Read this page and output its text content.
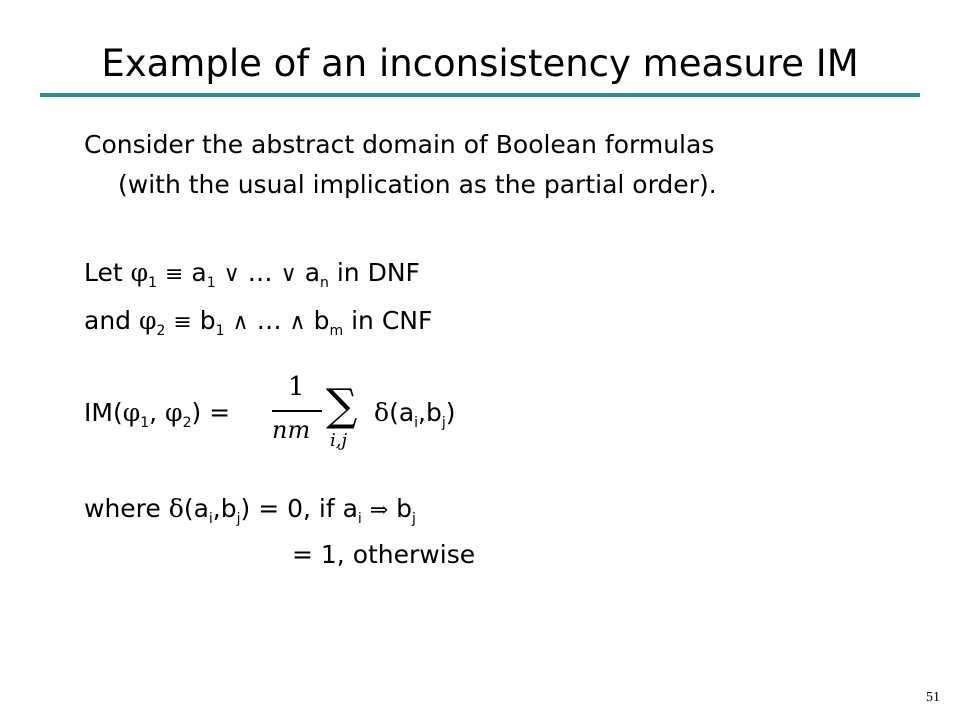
Example of an inconsistency measure IM
Consider the abstract domain of Boolean formulas
(with the usual implication as the partial order).
Let $\varphi_1 \equiv a_1$ ∨ … ∨ $a_n$ in DNF
and $\varphi_2 \equiv b_1$ ∧ … ∧ $b_m$ in CNF
$IM(\varphi_1$, $\varphi_2$) =
1
nm ∑
i,j
$\delta(a_i,b_j)$
where $\delta(a_i,b_j) = 0$, if $a_i$ ⇒ $b_j$
= 1, otherwise
51
